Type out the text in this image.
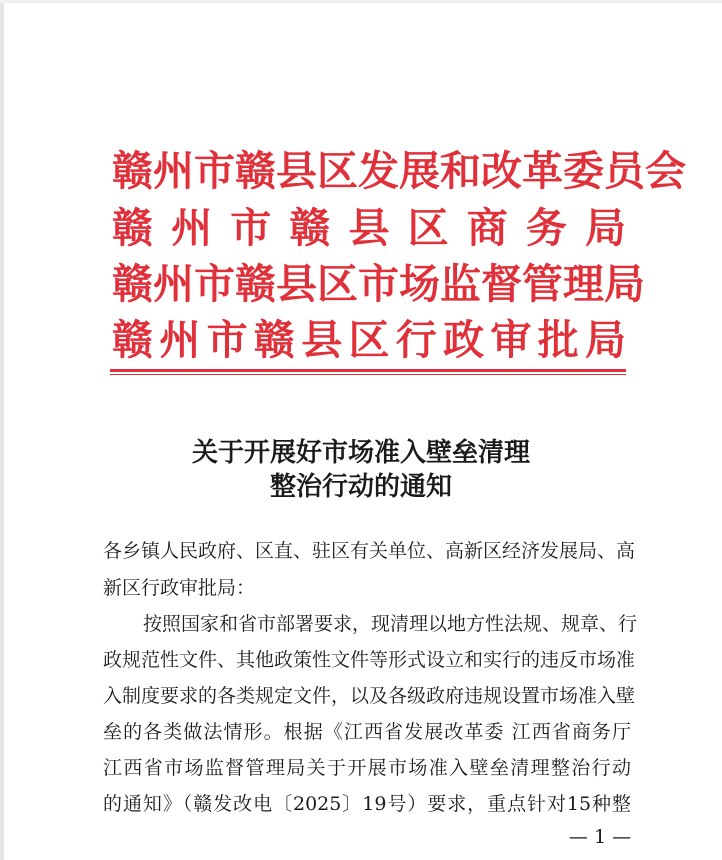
赣州市赣县区发展和改革委员会
赣州市赣县区商务局
赣州市赣县区市场监督管理局
赣州市赣县区行政审批局
关于开展好市场准入壁垒清理
整治行动的通知
各乡镇人民政府、区直、驻区有关单位、高新区经济发展局、高
新区行政审批局：
按照国家和省市部署要求，现清理以地方性法规、规章、行
政规范性文件、其他政策性文件等形式设立和实行的违反市场准
入制度要求的各类规定文件，以及各级政府违规设置市场准入壁
垒的各类做法情形。根据《江西省发展改革委 江西省商务厅
江西省市场监督管理局关于开展市场准入壁垒清理整治行动
的通知》（赣发改电〔2025〕19号）要求，重点针对15种整
— 1 —
